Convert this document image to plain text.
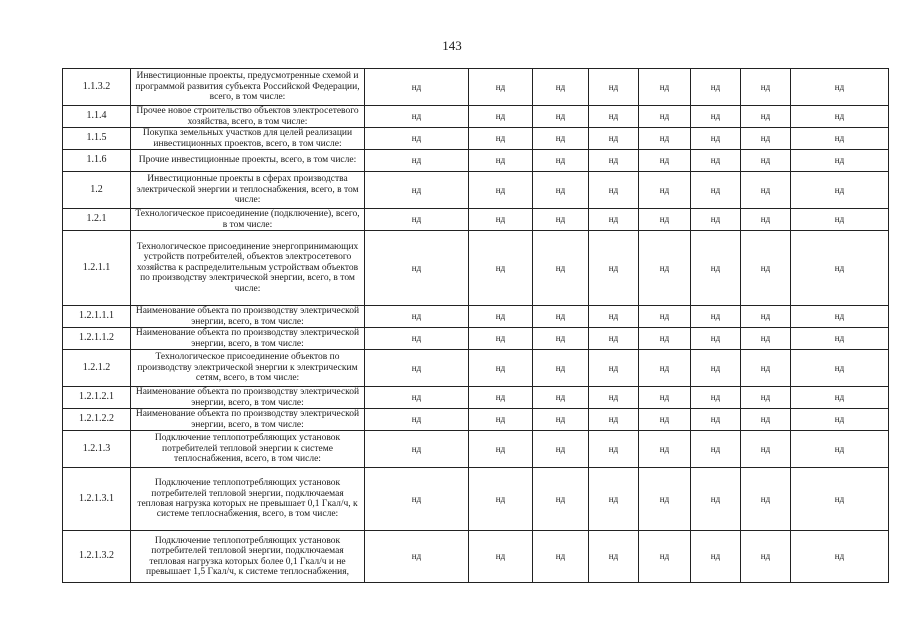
143
1.1.3.2	Инвестиционные проекты, предусмотренные схемой и программой развития субъекта Российской Федерации, всего, в том числе:	нд	нд	нд	нд	нд	нд	нд	нд
1.1.4	Прочее новое строительство объектов электросетевого хозяйства, всего, в том числе:	нд	нд	нд	нд	нд	нд	нд	нд
1.1.5	Покупка земельных участков для целей реализации инвестиционных проектов, всего, в том числе:	нд	нд	нд	нд	нд	нд	нд	нд
1.1.6	Прочие инвестиционные проекты, всего, в том числе:	нд	нд	нд	нд	нд	нд	нд	нд
1.2	Инвестиционные проекты в сферах производства электрической энергии и теплоснабжения, всего, в том числе:	нд	нд	нд	нд	нд	нд	нд	нд
1.2.1	Технологическое присоединение (подключение), всего, в том числе:	нд	нд	нд	нд	нд	нд	нд	нд
1.2.1.1	Технологическое присоединение энергопринимающих устройств потребителей, объектов электросетевого хозяйства к распределительным устройствам объектов по производству электрической энергии, всего, в том числе:	нд	нд	нд	нд	нд	нд	нд	нд
1.2.1.1.1	Наименование объекта по производству электрической энергии, всего, в том числе:	нд	нд	нд	нд	нд	нд	нд	нд
1.2.1.1.2	Наименование объекта по производству электрической энергии, всего, в том числе:	нд	нд	нд	нд	нд	нд	нд	нд
1.2.1.2	Технологическое присоединение объектов по производству электрической энергии к электрическим сетям, всего, в том числе:	нд	нд	нд	нд	нд	нд	нд	нд
1.2.1.2.1	Наименование объекта по производству электрической энергии, всего, в том числе:	нд	нд	нд	нд	нд	нд	нд	нд
1.2.1.2.2	Наименование объекта по производству электрической энергии, всего, в том числе:	нд	нд	нд	нд	нд	нд	нд	нд
1.2.1.3	Подключение теплопотребляющих установок потребителей тепловой энергии к системе теплоснабжения, всего, в том числе:	нд	нд	нд	нд	нд	нд	нд	нд
1.2.1.3.1	Подключение теплопотребляющих установок потребителей тепловой энергии, подключаемая тепловая нагрузка которых не превышает 0,1 Гкал/ч, к системе теплоснабжения, всего, в том числе:	нд	нд	нд	нд	нд	нд	нд	нд
1.2.1.3.2	Подключение теплопотребляющих установок потребителей тепловой энергии, подключаемая тепловая нагрузка которых более 0,1 Гкал/ч и не превышает 1,5 Гкал/ч, к системе теплоснабжения,	нд	нд	нд	нд	нд	нд	нд	нд
